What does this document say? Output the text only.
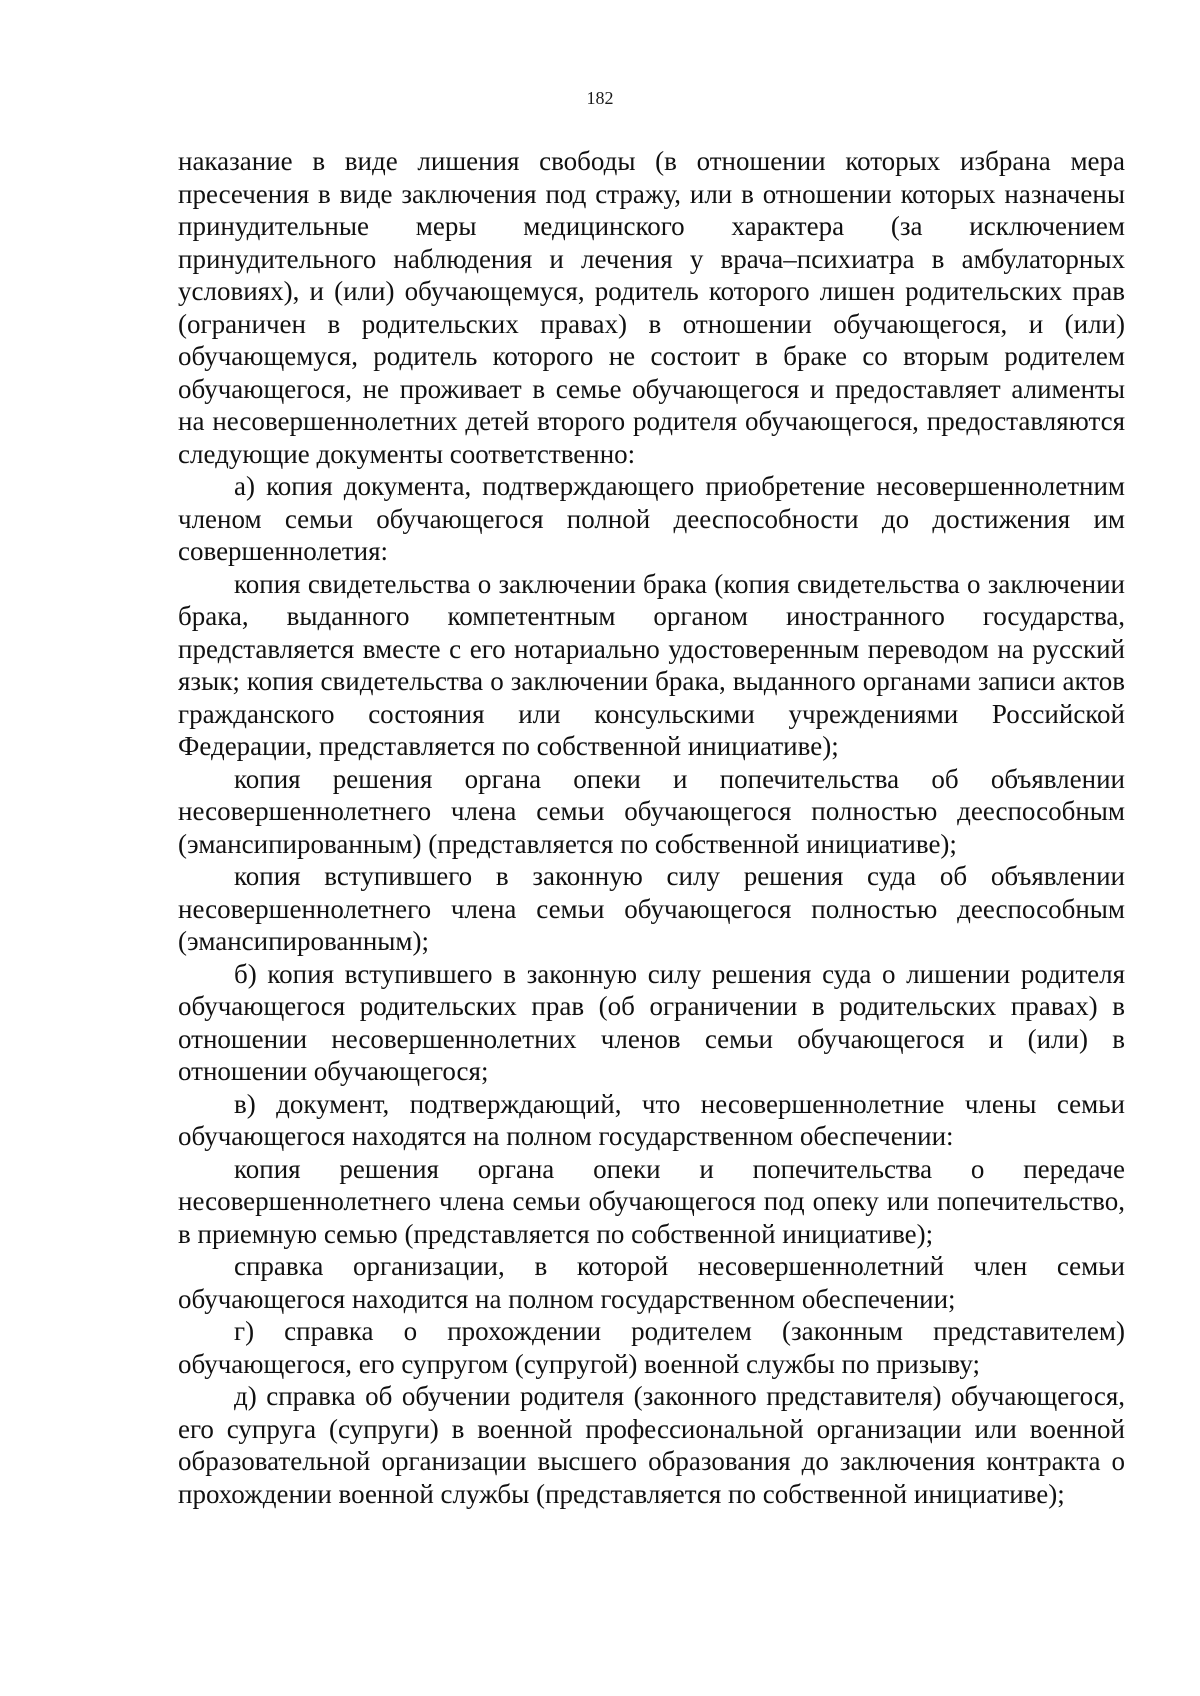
182

наказание в виде лишения свободы (в отношении которых избрана мера пресечения в виде заключения под стражу, или в отношении которых назначены принудительные меры медицинского характера (за исключением принудительного наблюдения и лечения у врача–психиатра в амбулаторных условиях), и (или) обучающемуся, родитель которого лишен родительских прав (ограничен в родительских правах) в отношении обучающегося, и (или) обучающемуся, родитель которого не состоит в браке со вторым родителем обучающегося, не проживает в семье обучающегося и предоставляет алименты на несовершеннолетних детей второго родителя обучающегося, предоставляются следующие документы соответственно:

а) копия документа, подтверждающего приобретение несовершеннолетним членом семьи обучающегося полной дееспособности до достижения им совершеннолетия:

копия свидетельства о заключении брака (копия свидетельства о заключении брака, выданного компетентным органом иностранного государства, представляется вместе с его нотариально удостоверенным переводом на русский язык; копия свидетельства о заключении брака, выданного органами записи актов гражданского состояния или консульскими учреждениями Российской Федерации, представляется по собственной инициативе);

копия решения органа опеки и попечительства об объявлении несовершеннолетнего члена семьи обучающегося полностью дееспособным (эмансипированным) (представляется по собственной инициативе);

копия вступившего в законную силу решения суда об объявлении несовершеннолетнего члена семьи обучающегося полностью дееспособным (эмансипированным);

б) копия вступившего в законную силу решения суда о лишении родителя обучающегося родительских прав (об ограничении в родительских правах) в отношении несовершеннолетних членов семьи обучающегося и (или) в отношении обучающегося;

в) документ, подтверждающий, что несовершеннолетние члены семьи обучающегося находятся на полном государственном обеспечении:

копия решения органа опеки и попечительства о передаче несовершеннолетнего члена семьи обучающегося под опеку или попечительство, в приемную семью (представляется по собственной инициативе);

справка организации, в которой несовершеннолетний член семьи обучающегося находится на полном государственном обеспечении;

г) справка о прохождении родителем (законным представителем) обучающегося, его супругом (супругой) военной службы по призыву;

д) справка об обучении родителя (законного представителя) обучающегося, его супруга (супруги) в военной профессиональной организации или военной образовательной организации высшего образования до заключения контракта о прохождении военной службы (представляется по собственной инициативе);
